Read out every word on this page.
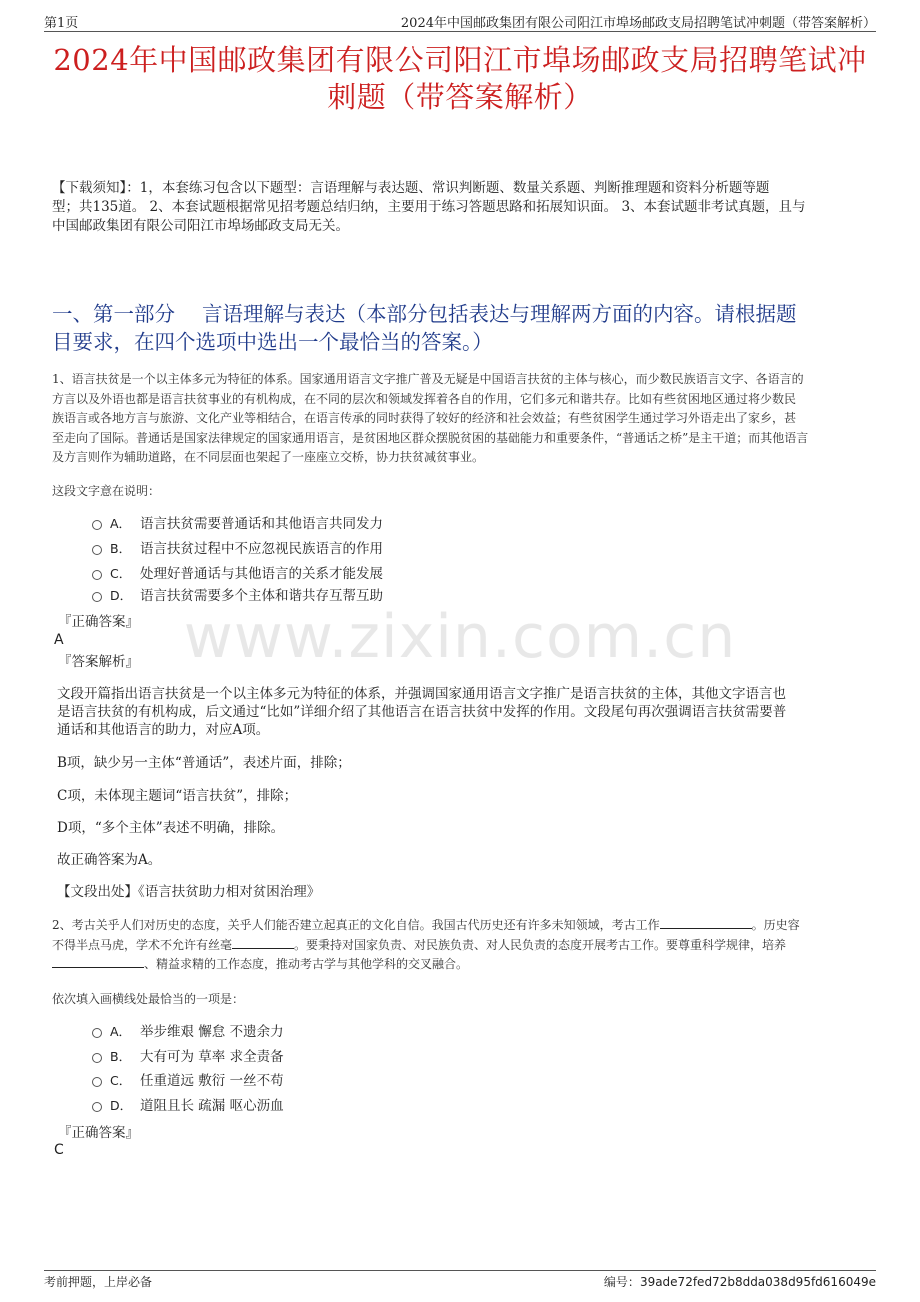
第1页	2024年中国邮政集团有限公司阳江市埠场邮政支局招聘笔试冲刺题（带答案解析）
2024年中国邮政集团有限公司阳江市埠场邮政支局招聘笔试冲
刺题（带答案解析）
【下载须知】：1，本套练习包含以下题型：言语理解与表达题、常识判断题、数量关系题、判断推理题和资料分析题等题
型；共135道。 2、本套试题根据常见招考题总结归纳，主要用于练习答题思路和拓展知识面。 3、本套试题非考试真题，且与
中国邮政集团有限公司阳江市埠场邮政支局无关。
一、第一部分　 言语理解与表达（本部分包括表达与理解两方面的内容。请根据题
目要求，在四个选项中选出一个最恰当的答案。）
1、语言扶贫是一个以主体多元为特征的体系。国家通用语言文字推广普及无疑是中国语言扶贫的主体与核心，而少数民族语言文字、各语言的
方言以及外语也都是语言扶贫事业的有机构成，在不同的层次和领域发挥着各自的作用，它们多元和谐共存。比如有些贫困地区通过将少数民
族语言或各地方言与旅游、文化产业等相结合，在语言传承的同时获得了较好的经济和社会效益；有些贫困学生通过学习外语走出了家乡，甚
至走向了国际。普通话是国家法律规定的国家通用语言，是贫困地区群众摆脱贫困的基础能力和重要条件，“普通话之桥”是主干道；而其他语言
及方言则作为辅助道路，在不同层面也架起了一座座立交桥，协力扶贫减贫事业。
这段文字意在说明：
A． 语言扶贫需要普通话和其他语言共同发力
B． 语言扶贫过程中不应忽视民族语言的作用
C． 处理好普通话与其他语言的关系才能发展
D． 语言扶贫需要多个主体和谐共存互帮互助
『正确答案』
A
『答案解析』
文段开篇指出语言扶贫是一个以主体多元为特征的体系，并强调国家通用语言文字推广是语言扶贫的主体，其他文字语言也
是语言扶贫的有机构成，后文通过“比如”详细介绍了其他语言在语言扶贫中发挥的作用。文段尾句再次强调语言扶贫需要普
通话和其他语言的助力，对应A项。
B项，缺少另一主体“普通话”，表述片面，排除；
C项，未体现主题词“语言扶贫”，排除；
D项，“多个主体”表述不明确，排除。
故正确答案为A。
【文段出处】《语言扶贫助力相对贫困治理》
2、考古关乎人们对历史的态度，关乎人们能否建立起真正的文化自信。我国古代历史还有许多未知领域，考古工作	。历史容
不得半点马虎，学术不允许有丝毫	。要秉持对国家负责、对民族负责、对人民负责的态度开展考古工作。要尊重科学规律，培养
、精益求精的工作态度，推动考古学与其他学科的交叉融合。
依次填入画横线处最恰当的一项是：
A． 举步维艰 懈怠 不遗余力
B． 大有可为 草率 求全责备
C． 任重道远 敷衍 一丝不苟
D． 道阻且长 疏漏 呕心沥血
『正确答案』
C
www.zixin.com.cn
考前押题，上岸必备	编号：39ade72fed72b8dda038d95fd616049e
